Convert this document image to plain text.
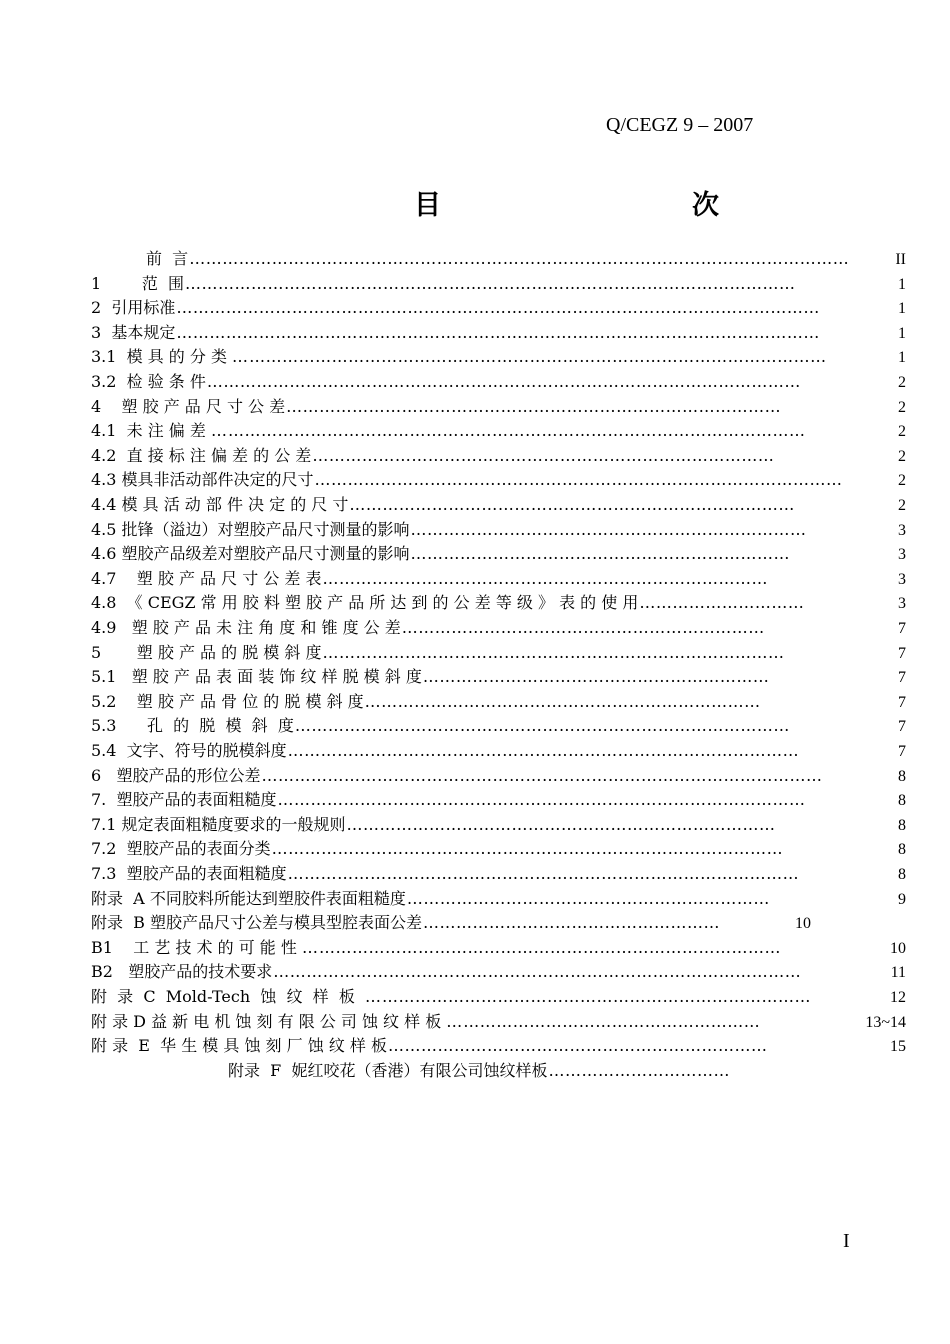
Q/CEGZ 9 – 2007
目　次
前  言 …………………………………………………………………………………………………………	II
1        范  围 …………………………………………………………………………………………………	1
2  引用标准 ………………………………………………………………………………………………………	1
3  基本规定 ………………………………………………………………………………………………………	1
3.1  模 具 的 分 类 … ……………………………………………………………………………………………	1
3.2  检 验 条 件 ………………………………………………………………………………………………	2
4    塑 胶 产 品 尺 寸 公 差 ………………………………………………………………………………	2
4.1  未 注 偏 差 … ……………………………………………………………………………………………	2
4.2  直 接 标 注 偏 差 的 公 差 …………………………………………………………………………	2
4.3 模具非活动部件决定的尺寸 ……………………………………………………………………………………	2
4.4 模 具 活 动 部 件 决 定 的 尺 寸 ………………………………………………………………………	2
4.5 批锋（溢边）对塑胶产品尺寸测量的影响 ………………………………………………………………	3
4.6 塑胶产品级差对塑胶产品尺寸测量的影响 ……………………………………………………………	3
4.7    塑 胶 产 品 尺 寸 公 差 表 ………………………………………………………………………	3
4.8  《 CEGZ 常 用 胶 料 塑 胶 产 品 所 达 到 的 公 差 等 级 》 表 的 使 用 …………………………	3
4.9   塑 胶 产 品 未 注 角 度 和 锥 度 公 差 …………………………………………………………	7
5       塑 胶 产 品 的 脱 模 斜 度 …………………………………………………………………………	7
5.1   塑 胶 产 品 表 面 装 饰 纹 样 脱 模 斜 度 ………………………………………………………	7
5.2    塑 胶 产 品 骨 位 的 脱 模 斜 度 ………………………………………………………………	7
5.3      孔  的  脱  模  斜  度 ………………………………………………………………………………	7
5.4  文字、符号的脱模斜度 …………………………………………………………………………………	7
6   塑胶产品的形位公差 …………………………………………………………………………………………	8
7.  塑胶产品的表面粗糙度 ……………………………………………………………………………………	8
7.1 规定表面粗糙度要求的一般规则 ……………………………………………………………………	8
7.2  塑胶产品的表面分类 …………………………………………………………………………………	8
7.3  塑胶产品的表面粗糙度 …………………………………………………………………………………	8
附录  A 不同胶料所能达到塑胶件表面粗糙度 …………………………………………………………	9
附录  B 塑胶产品尺寸公差与模具型腔表面公差 ………………………………………………	10
B1    工 艺 技 术 的 可 能 性 … …………………………………………………………………………	10
B2   塑胶产品的技术要求 ……………………………………………………………………………………	11
附  录  C  Mold-Tech  蚀  纹  样  板  … ……………………………………………………………………	12
附 录 D 益 新 电 机 蚀 刻 有 限 公 司 蚀 纹 样 板 … ………………………………………………	13~14
附 录  E  华 生 模 具 蚀 刻 厂 蚀 纹 样 板 ……………………………………………………………	15
附录  F  妮红咬花（香港）有限公司蚀纹样板 ……………………………
I
